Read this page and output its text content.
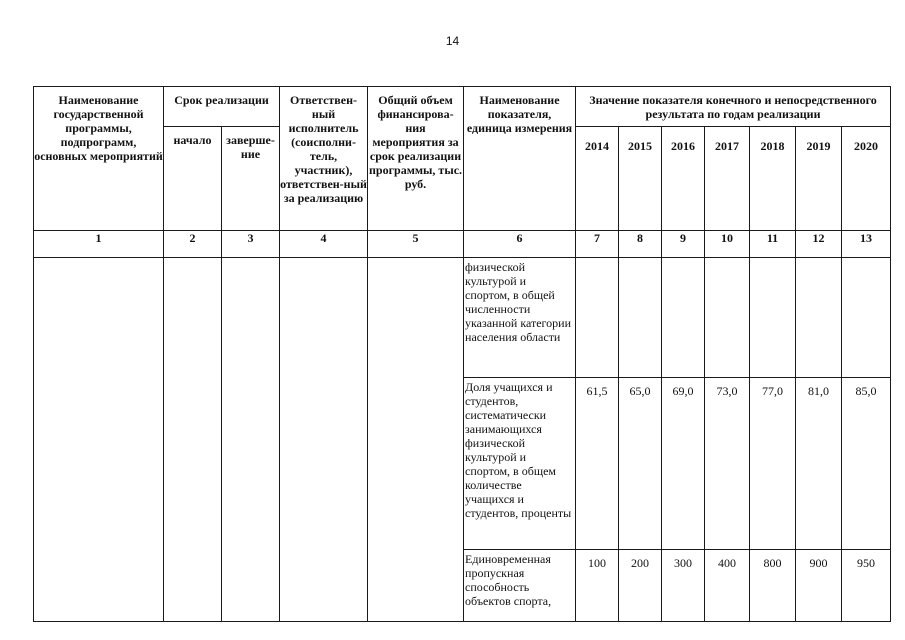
14
Наименование государственной программы, подпрограмм, основных мероприятий	Срок реализации		Ответствен-ный исполнитель (соисполни-тель, участник), ответствен-ный за реализацию	Общий объем финансирова-ния мероприятия за срок реализации программы, тыс. руб.	Наименование показателя, единица измерения	Значение показателя конечного и непосредственного результата по годам реализации						
	начало	заверше-ние				2014	2015	2016	2017	2018	2019	2020
1	2	3	4	5	6	7	8	9	10	11	12	13
					физической культурой и спортом, в общей численности указанной категории населения области							
					Доля учащихся и студентов, систематически занимающихся физической культурой и спортом, в общем количестве учащихся и студентов, проценты	61,5	65,0	69,0	73,0	77,0	81,0	85,0
					Единовременная пропускная способность объектов спорта,	100	200	300	400	800	900	950
